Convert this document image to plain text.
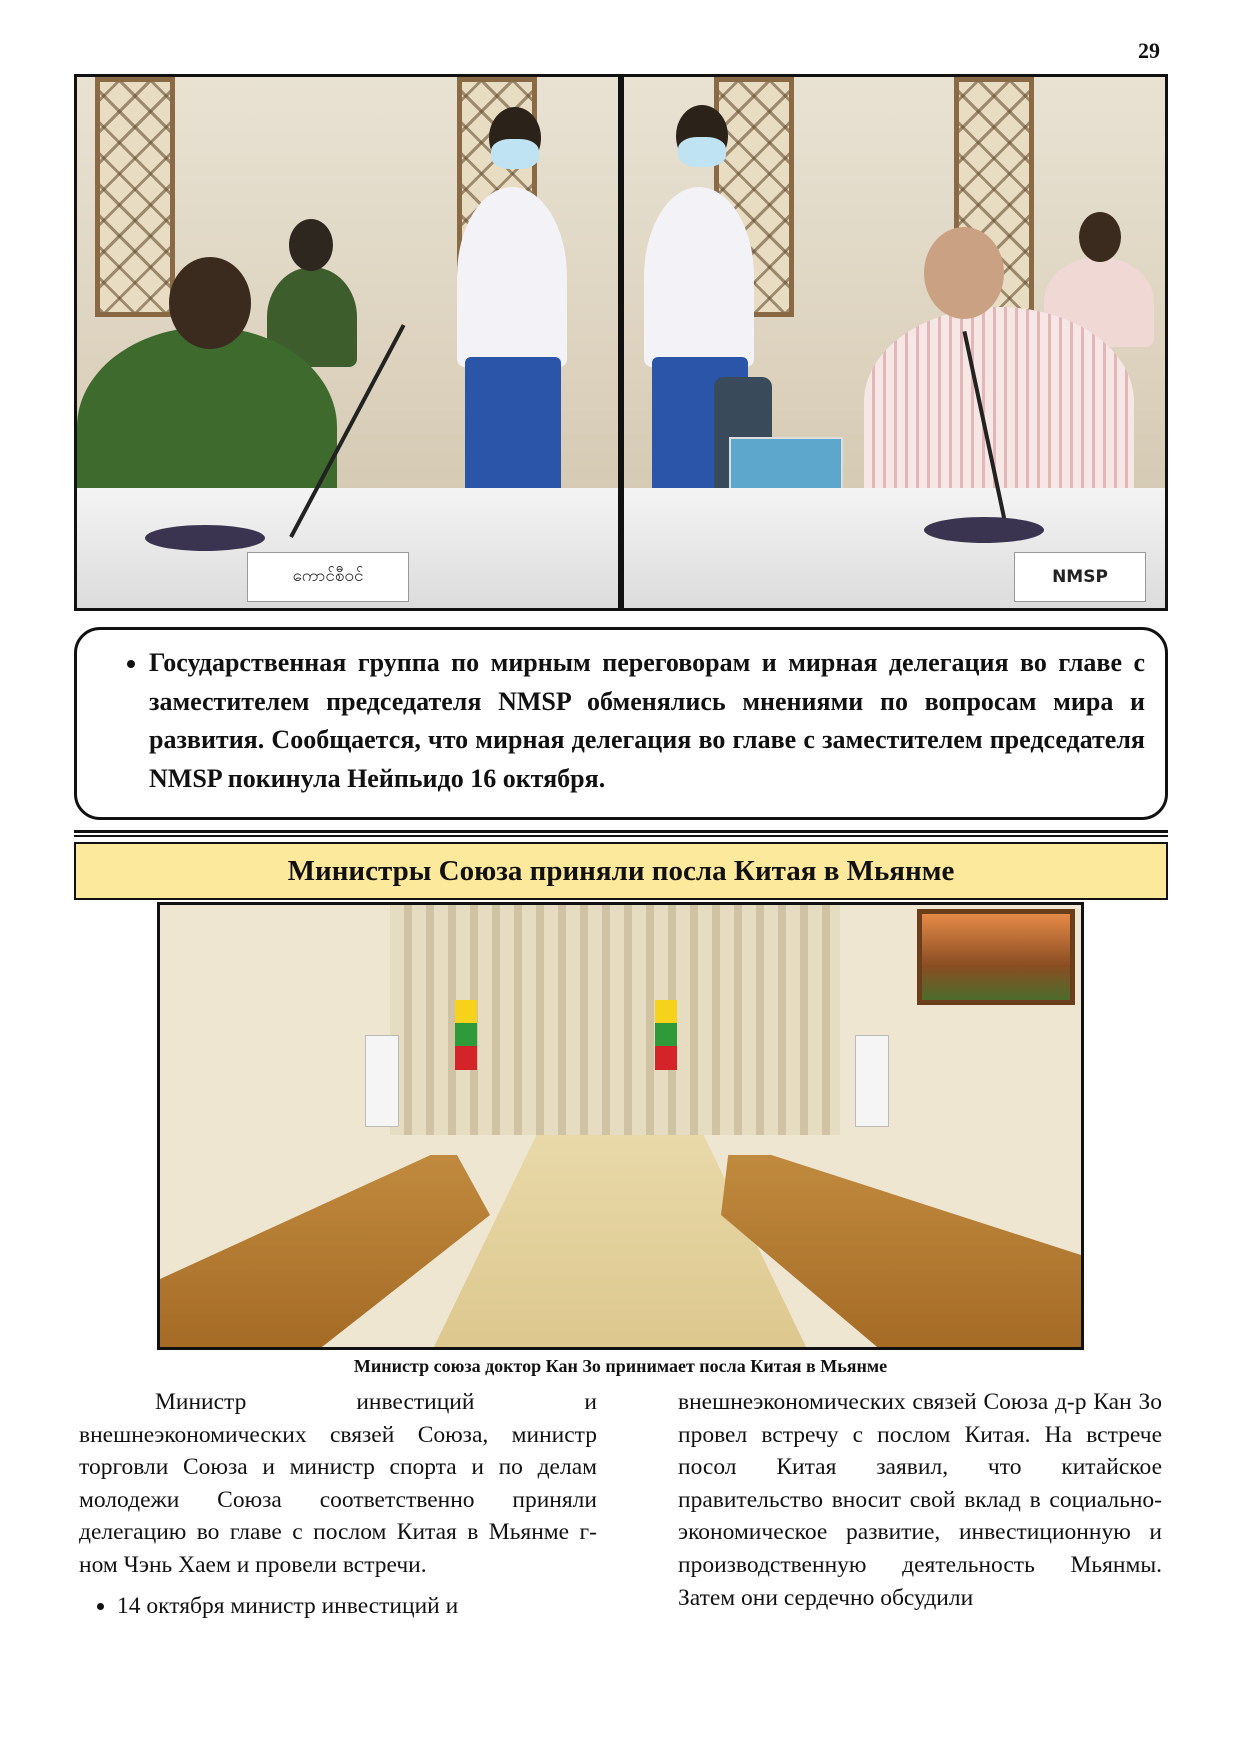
29
ကောင်စီဝင်	NMSP
• Государственная группа по мирным переговорам и мирная делегация во главе с заместителем председателя NMSP обменялись мнениями по вопросам мира и развития. Сообщается, что мирная делегация во главе с заместителем председателя NMSP покинула Нейпьидо 16 октября.
Министры Союза приняли посла Китая в Мьянме
Министр союза доктор Кан Зо принимает посла Китая в Мьянме

Министр инвестиций и внешнеэкономических связей Союза, министр торговли Союза и министр спорта и по делам молодежи Союза соответственно приняли делегацию во главе с послом Китая в Мьянме г-ном Чэнь Хаем и провели встречи.

• 14 октября министр инвестиций и

внешнеэкономических связей Союза д-р Кан Зо провел встречу с послом Китая. На встрече посол Китая заявил, что китайское правительство вносит свой вклад в социально-экономическое развитие, инвестиционную и производственную деятельность Мьянмы. Затем они сердечно обсудили
